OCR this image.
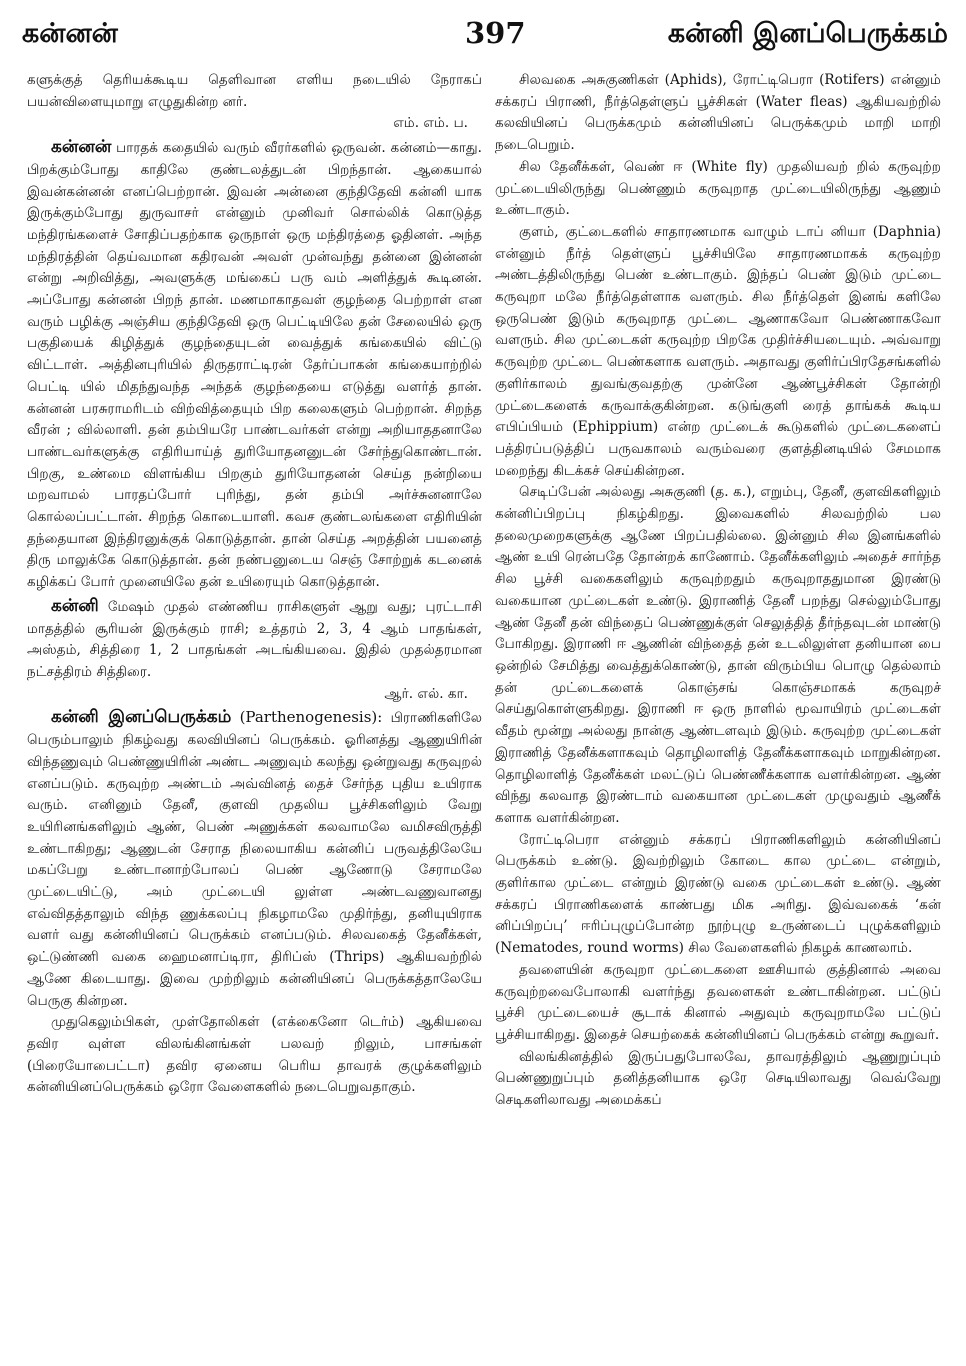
கன்னன்	397	கன்னி இனப்பெருக்கம்

களுக்குத் தெரியக்கூடிய தெளிவான எளிய நடையில் நேராகப் பயன்விளையுமாறு எழுதுகின்ற னர்.

எம். எம். ப.

கன்னன் பாரதக் கதையில் வரும் வீரர்களில் ஒருவன். கன்னம்—காது. பிறக்கும்போது காதிலே குண்டலத்துடன் பிறந்தான். ஆகையால் இவன்கன்னன் எனப்பெற்றான். இவன் அன்னை குந்திதேவி கன்னி யாக இருக்கும்போது துருவாசர் என்னும் முனிவர் சொல்லிக் கொடுத்த மந்திரங்களைச் சோதிப்பதற்காக ஒருநாள் ஒரு மந்திரத்தை ஓதினள். அந்த மந்திரத்தின் தெய்வமான கதிரவன் அவள் முன்வந்து தன்னை இன்னன் என்று அறிவித்து, அவளுக்கு மங்கைப் பரு வம் அளித்துக் கூடினன். அப்போது கன்னன் பிறந் தான். மணமாகாதவள் குழந்தை பெற்றாள் என வரும் பழிக்கு அஞ்சிய குந்திதேவி ஒரு பெட்டியிலே தன் சேலையில் ஒரு பகுதியைக் கிழித்துக் குழந்தையுடன் வைத்துக் கங்கையில் விட்டு விட்டாள். அத்தினபுரியில் திருதராட்டிரன் தேர்ப்பாகன் கங்கையாற்றில் பெட்டி யில் மிதந்துவந்த அந்தக் குழந்தையை எடுத்து வளர்த் தான். கன்னன் பரசுராமரிடம் விற்வித்தையும் பிற கலைகளும் பெற்றான். சிறந்த வீரன் ; வில்லாளி. தன் தம்பியரே பாண்டவர்கள் என்று அறியாததனாலே பாண்டவர்களுக்கு எதிரியாய்த் துரியோதனனுடன் சேர்ந்துகொண்டான். பிறகு, உண்மை விளங்கிய பிறகும் துரியோதனன் செய்த நன்றியை மறவாமல் பாரதப்போர் புரிந்து, தன் தம்பி அர்ச்சுனனாலே கொல்லப்பட்டான். சிறந்த கொடையாளி. கவச குண்டலங்களை எதிரியின் தந்தையான இந்திரனுக்குக் கொடுத்தான். தான் செய்த அறத்தின் பயனைத் திரு மாலுக்கே கொடுத்தான். தன் நண்பனுடைய செஞ் சோற்றுக் கடனைக் கழிக்கப் போர் முனையிலே தன் உயிரையும் கொடுத்தான்.

கன்னி மேஷம் முதல் எண்ணிய ராசிகளுள் ஆறு வது; புரட்டாசி மாதத்தில் சூரியன் இருக்கும் ராசி; உத்தரம் 2, 3, 4 ஆம் பாதங்கள், அஸ்தம், சித்திரை 1, 2 பாதங்கள் அடங்கியவை. இதில் முதல்தரமான நட்சத்திரம் சித்திரை.

ஆர். எல். கா.

கன்னி இனப்பெருக்கம் (Parthenogenesis): பிராணிகளிலே பெரும்பாலும் நிகழ்வது கலவியினப் பெருக்கம். ஓரினத்து ஆணுயிரின் விந்தணுவும் பெண்ணுயிரின் அண்ட அணுவும் கலந்து ஒன்றுவது கருவுறல் எனப்படும். கருவுற்ற அண்டம் அவ்வினத் தைச் சேர்ந்த புதிய உயிராக வரும். எனினும் தேனீ, குளவி முதலிய பூச்சிகளிலும் வேறு உயிரினங்களிலும் ஆண், பெண் அணுக்கள் கலவாமலே வமிசவிருத்தி உண்டாகிறது; ஆணுடன் சேராத நிலையாகிய கன்னிப் பருவத்திலேயே மகப்பேறு உண்டானாற்போலப் பெண் ஆணோடு சேராமலே முட்டையிட்டு, அம் முட்டையி லுள்ள அண்டவணுவானது எவ்விதத்தாலும் விந்த ணுக்கலப்பு நிகழாமலே முதிர்ந்து, தனியுயிராக வளர் வது கன்னியினப் பெருக்கம் எனப்படும். சிலவகைத் தேனீக்கள், ஒட்டுண்ணி வகை ஹைமனாப்டிரா, திரிப்ஸ் (Thrips) ஆகியவற்றில் ஆணே கிடையாது. இவை முற்றிலும் கன்னியினப் பெருக்கத்தாலேயே பெருகு கின்றன.

முதுகெலும்பிகள், முள்தோலிகள் (எக்கைனோ டெர்ம்) ஆகியவை தவிர வுள்ள விலங்கினங்கள் பலவற் றிலும், பாசங்கள் (பிரையோபைட்டா) தவிர ஏனைய பெரிய தாவரக் குழுக்களிலும் கன்னியினப்பெருக்கம் ஒரோ வேளைகளில் நடைபெறுவதாகும்.

சிலவகை அசுகுணிகள் (Aphids), ரோட்டிபெரா (Rotifers) என்னும் சக்கரப் பிராணி, நீர்த்தெள்ளுப் பூச்சிகள் (Water fleas) ஆகியவற்றில் கலவியினப் பெருக்கமும் கன்னியினப் பெருக்கமும் மாறி மாறி நடைபெறும்.

சில தேனீக்கள், வெண் ஈ (White fly) முதலியவற் றில் கருவுற்ற முட்டையிலிருந்து பெண்ணும் கருவுறாத முட்டையிலிருந்து ஆணும் உண்டாகும்.

குளம், குட்டைகளில் சாதாரணமாக வாழும் டாப் னியா (Daphnia) என்னும் நீர்த் தெள்ளுப் பூச்சியிலே சாதாரணமாகக் கருவுற்ற அண்டத்திலிருந்து பெண் உண்டாகும். இந்தப் பெண் இடும் முட்டை கருவுறா மலே நீர்த்தெள்ளாக வளரும். சில நீர்த்தெள் இனங் களிலே ஒருபெண் இடும் கருவுறாத முட்டை ஆணாகவோ பெண்ணாகவோ வளரும். சில முட்டைகள் கருவுற்ற பிறகே முதிர்ச்சியடையும். அவ்வாறு கருவுற்ற முட்டை பெண்களாக வளரும். அதாவது குளிர்ப்பிரதேசங்களில் குளிர்காலம் துவங்குவதற்கு முன்னே ஆண்பூச்சிகள் தோன்றி முட்டைகளைக் கருவாக்குகின்றன. கடுங்குளி ரைத் தாங்கக் கூடிய எபிப்பியம் (Ephippium) என்ற முட்டைக் கூடுகளில் முட்டைகளைப் பத்திரப்படுத்திப் பருவகாலம் வரும்வரை குளத்தினடியில் சேமமாக மறைந்து கிடக்கச் செய்கின்றன.

செடிப்பேன் அல்லது அசுகுணி (த. க.), எறும்பு, தேனீ, குளவிகளிலும் கன்னிப்பிறப்பு நிகழ்கிறது. இவைகளில் சிலவற்றில் பல தலைமுறைகளுக்கு ஆணே பிறப்பதில்லை. இன்னும் சில இனங்களில் ஆண் உயி ரென்பதே தோன்றக் காணோம். தேனீக்களிலும் அதைச் சார்ந்த சில பூச்சி வகைகளிலும் கருவுற்றதும் கருவுறாததுமான இரண்டு வகையான முட்டைகள் உண்டு. இராணித் தேனீ பறந்து செல்லும்போது ஆண் தேனீ தன் விந்தைப் பெண்ணுக்குள் செலுத்தித் தீர்ந்தவுடன் மாண்டு போகிறது. இராணி ஈ ஆணின் விந்தைத் தன் உடலிலுள்ள தனியான பை ஒன்றில் சேமித்து வைத்துக்கொண்டு, தான் விரும்பிய பொழு தெல்லாம் தன் முட்டைகளைக் கொஞ்சங் கொஞ்சமாகக் கருவுறச் செய்துகொள்ளுகிறது. இராணி ஈ ஒரு நாளில் மூவாயிரம் முட்டைகள் வீதம் மூன்று அல்லது நான்கு ஆண்டளவும் இடும். கருவுற்ற முட்டைகள் இராணித் தேனீக்களாகவும் தொழிலாளித் தேனீக்களாகவும் மாறுகின்றன. தொழிலாளித் தேனீக்கள் மலட்டுப் பெண்ணீக்களாக வளர்கின்றன. ஆண் விந்து கலவாத இரண்டாம் வகையான முட்டைகள் முழுவதும் ஆணீக் களாக வளர்கின்றன.

ரோட்டிபெரா என்னும் சக்கரப் பிராணிகளிலும் கன்னியினப் பெருக்கம் உண்டு. இவற்றிலும் கோடை கால முட்டை என்றும், குளிர்கால முட்டை என்றும் இரண்டு வகை முட்டைகள் உண்டு. ஆண் சக்கரப் பிராணிகளைக் காண்பது மிக அரிது. இவ்வகைக் ‘கன் னிப்பிறப்பு’ ஈரிப்புழுப்போன்ற நூற்புழு உருண்டைப் புழுக்களிலும் (Nematodes, round worms) சில வேளைகளில் நிகழக் காணலாம்.

தவளையின் கருவுறா முட்டைகளை ஊசியால் குத்தினால் அவை கருவுற்றவைபோலாகி வளர்ந்து தவளைகள் உண்டாகின்றன. பட்டுப் பூச்சி முட்டையைச் சூடாக் கினால் அதுவும் கருவுறாமலே பட்டுப் பூச்சியாகிறது. இதைச் செயற்கைக் கன்னியினப் பெருக்கம் என்று கூறுவர்.

விலங்கினத்தில் இருப்பதுபோலவே, தாவரத்திலும் ஆணுறுப்பும் பெண்ணுறுப்பும் தனித்தனியாக ஒரே செடியிலாவது வெவ்வேறு செடிகளிலாவது அமைக்கப்
